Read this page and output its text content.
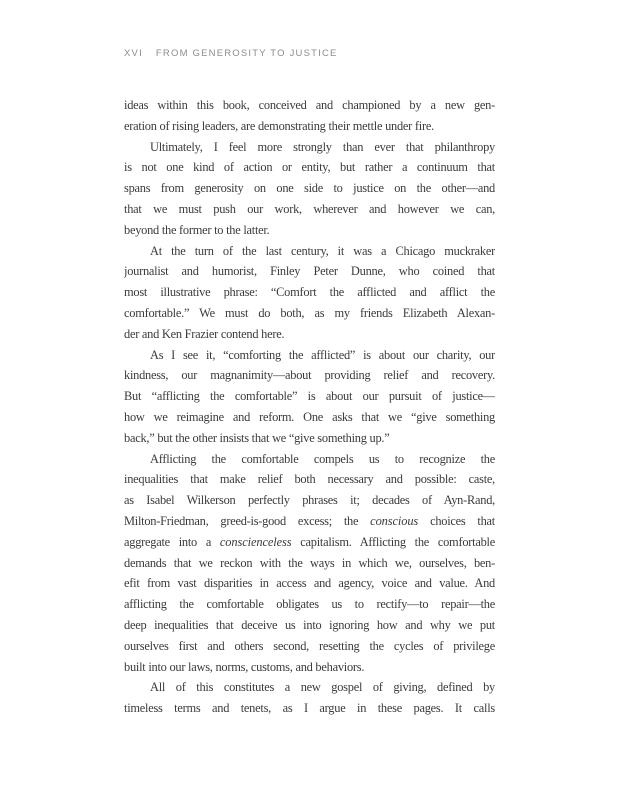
XVI FROM GENEROSITY TO JUSTICE
ideas within this book, conceived and championed by a new gen-
eration of rising leaders, are demonstrating their mettle under fire.
Ultimately, I feel more strongly than ever that philanthropy
is not one kind of action or entity, but rather a continuum that
spans from generosity on one side to justice on the other—and
that we must push our work, wherever and however we can,
beyond the former to the latter.
At the turn of the last century, it was a Chicago muckraker
journalist and humorist, Finley Peter Dunne, who coined that
most illustrative phrase: “Comfort the afflicted and afflict the
comfortable.” We must do both, as my friends Elizabeth Alexan-
der and Ken Frazier contend here.
As I see it, “comforting the afflicted” is about our charity, our
kindness, our magnanimity—about providing relief and recovery.
But “afflicting the comfortable” is about our pursuit of justice—
how we reimagine and reform. One asks that we “give something
back,” but the other insists that we “give something up.”
Afflicting the comfortable compels us to recognize the
inequalities that make relief both necessary and possible: caste,
as Isabel Wilkerson perfectly phrases it; decades of Ayn-Rand,
Milton-Friedman, greed-is-good excess; the conscious choices that
aggregate into a conscienceless capitalism. Afflicting the comfortable
demands that we reckon with the ways in which we, ourselves, ben-
efit from vast disparities in access and agency, voice and value. And
afflicting the comfortable obligates us to rectify—to repair—the
deep inequalities that deceive us into ignoring how and why we put
ourselves first and others second, resetting the cycles of privilege
built into our laws, norms, customs, and behaviors.
All of this constitutes a new gospel of giving, defined by
timeless terms and tenets, as I argue in these pages. It calls
